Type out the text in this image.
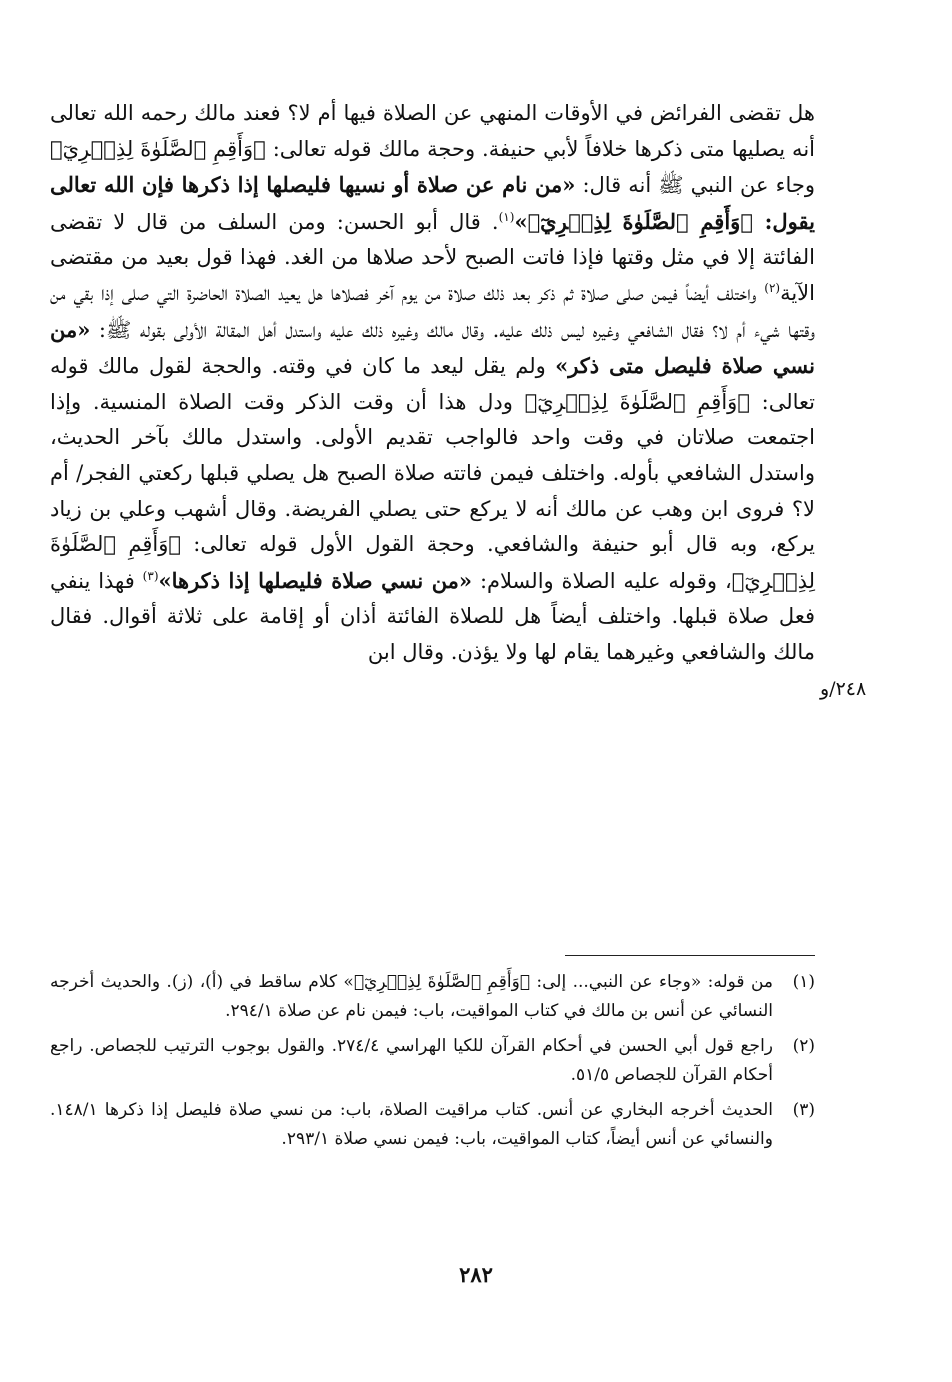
هل تقضى الفرائض في الأوقات المنهي عن الصلاة فيها أم لا؟ فعند مالك رحمه الله تعالى أنه يصليها متى ذكرها خلافاً لأبي حنيفة. وحجة مالك قوله تعالى: ﴿وَأَقِمِ ٱلصَّلَوٰةَ لِذِكۡرِيٓ﴾ وجاء عن النبي ﷺ أنه قال: «من نام عن صلاة أو نسيها فليصلها إذا ذكرها فإن الله تعالى يقول: ﴿وَأَقِمِ ٱلصَّلَوٰةَ لِذِكۡرِيٓ﴾»$^{(١)}$. قال أبو الحسن: ومن السلف من قال لا تقضى الفائتة إلا في مثل وقتها فإذا فاتت الصبح لأحد صلاها من الغد. فهذا قول بعيد من مقتضى الآية$^{(٢)}$ واختلف أيضاً فيمن صلى صلاة ثم ذكر بعد ذلك صلاة من يوم آخر فصلاها هل يعيد الصلاة الحاضرة التي صلى إذا بقي من وقتها شيء أم لا؟ فقال الشافعي وغيره ليس ذلك عليه. وقال مالك وغيره ذلك عليه واستدل أهل المقالة الأولى بقوله ﷺ: «من نسي صلاة فليصل متى ذكر» ولم يقل ليعد ما كان في وقته. والحجة لقول مالك قوله تعالى: ﴿وَأَقِمِ ٱلصَّلَوٰةَ لِذِكۡرِيٓ﴾ ودل هذا أن وقت الذكر وقت الصلاة المنسية. وإذا اجتمعت صلاتان في وقت واحد فالواجب تقديم الأولى. واستدل مالك بآخر الحديث، واستدل الشافعي بأوله. واختلف فيمن فاتته صلاة الصبح هل يصلي قبلها ركعتي الفجر/ أم لا؟ فروى ابن وهب عن مالك أنه لا يركع حتى يصلي الفريضة. وقال أشهب وعلي بن زياد يركع، وبه قال أبو حنيفة والشافعي. وحجة القول الأول قوله تعالى: ﴿وَأَقِمِ ٱلصَّلَوٰةَ لِذِكۡرِيٓ﴾، وقوله عليه الصلاة والسلام: «من نسي صلاة فليصلها إذا ذكرها»$^{(٣)}$ فهذا ينفي فعل صلاة قبلها. واختلف أيضاً هل للصلاة الفائتة أذان أو إقامة على ثلاثة أقوال. فقال مالك والشافعي وغيرهما يقام لها ولا يؤذن. وقال ابن
٢٤٨/و
(١)
من قوله: «وجاء عن النبي... إلى: ﴿وَأَقِمِ ٱلصَّلَوٰةَ لِذِكۡرِيٓ﴾» كلام ساقط في (أ)، (ز). والحديث أخرجه النسائي عن أنس بن مالك في كتاب المواقيت، باب: فيمن نام عن صلاة ٢٩٤/١.
(٢)
راجع قول أبي الحسن في أحكام القرآن للكيا الهراسي ٢٧٤/٤. والقول بوجوب الترتيب للجصاص. راجع أحكام القرآن للجصاص ٥١/٥.
(٣)
الحديث أخرجه البخاري عن أنس. كتاب مراقيت الصلاة، باب: من نسي صلاة فليصل إذا ذكرها ١٤٨/١. والنسائي عن أنس أيضاً، كتاب المواقيت، باب: فيمن نسي صلاة ٢٩٣/١.
٢٨٢
